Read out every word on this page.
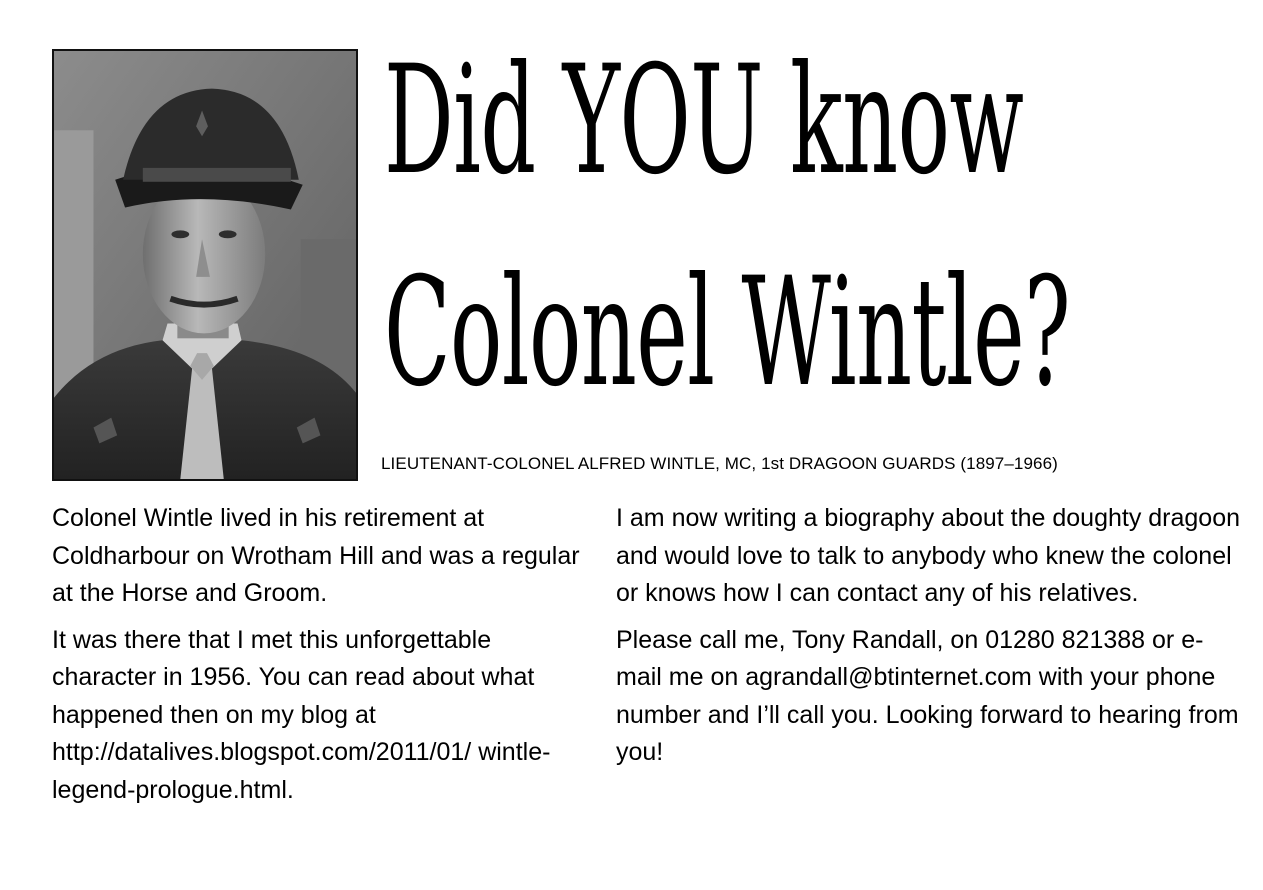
Did YOU know
Colonel Wintle?
LIEUTENANT-COLONEL ALFRED WINTLE, MC, 1st DRAGOON GUARDS (1897–1966)

Colonel Wintle lived in his retirement at Coldharbour on Wrotham Hill and was a regular at the Horse and Groom.

It was there that I met this unforgettable character in 1956. You can read about what happened then on my blog at http://datalives.blogspot.com/2011/01/ wintle-legend-prologue.html.

I am now writing a biography about the doughty dragoon and would love to talk to anybody who knew the colonel or knows how I can contact any of his relatives.

Please call me, Tony Randall, on 01280 821388 or e-mail me on agrandall@btinternet.com with your phone number and I’ll call you. Looking forward to hearing from you!
